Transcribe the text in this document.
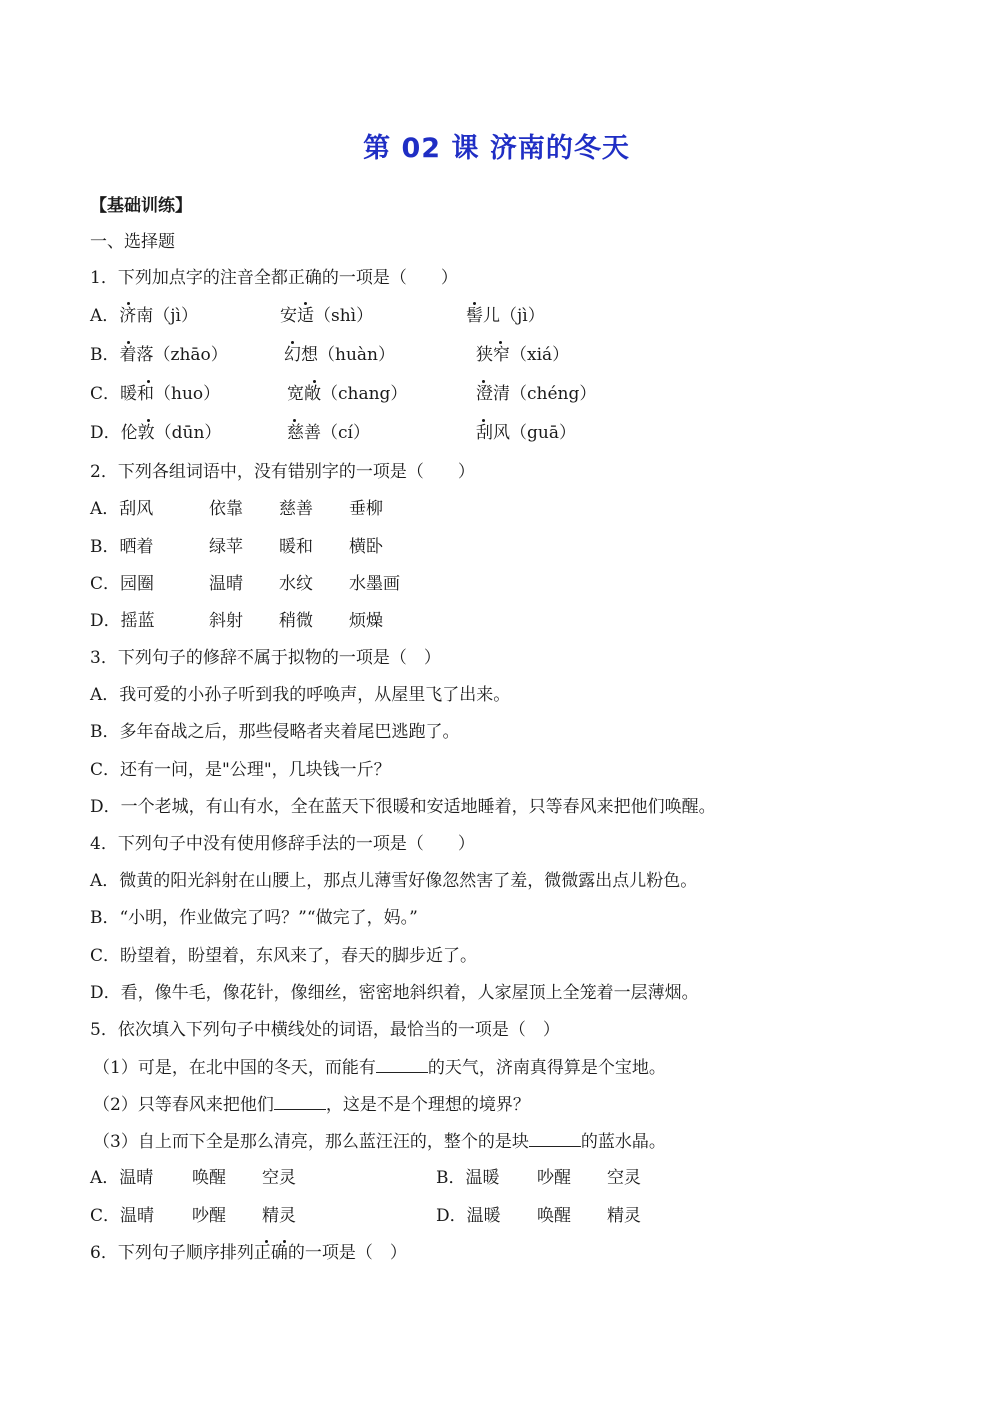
第 02 课 济南的冬天
【基础训练】
一、选择题
1．下列加点字的注音全都正确的一项是（　　）
A．济南（jì）	安适（shì）	髻儿（jì）
B．着落（zhāo）	幻想（huàn）	狭窄（xiá）
C．暖和（huo）	宽敞（chang）	澄清（chéng）
D．伦敦（dūn）	慈善（cí）	刮风（guā）
2．下列各组词语中，没有错别字的一项是（　　）
A．刮风	依靠 慈善 垂柳
B．晒着	绿苹 暖和 横卧
C．园圈	温晴 水纹 水墨画
D．摇蓝	斜射 稍微 烦燥
3．下列句子的修辞不属于拟物的一项是（　）
A．我可爱的小孙子听到我的呼唤声，从屋里飞了出来。
B．多年奋战之后，那些侵略者夹着尾巴逃跑了。
C．还有一问，是"公理"，几块钱一斤？
D．一个老城，有山有水，全在蓝天下很暖和安适地睡着，只等春风来把他们唤醒。
4．下列句子中没有使用修辞手法的一项是（　　）
A．微黄的阳光斜射在山腰上，那点儿薄雪好像忽然害了羞，微微露出点儿粉色。
B．“小明，作业做完了吗？”“做完了，妈。”
C．盼望着，盼望着，东风来了，春天的脚步近了。
D．看，像牛毛，像花针，像细丝，密密地斜织着，人家屋顶上全笼着一层薄烟。
5．依次填入下列句子中横线处的词语，最恰当的一项是（　）
（1）可是，在北中国的冬天，而能有	的天气，济南真得算是个宝地。
（2）只等春风来把他们	，这是不是个理想的境界？
（3）自上而下全是那么清亮，那么蓝汪汪的，整个的是块	的蓝水晶。
A．温晴 唤醒 空灵	B．温暖 吵醒 空灵
C．温晴 吵醒 精灵	D．温暖 唤醒 精灵
6．下列句子顺序排列正确的一项是（　）
